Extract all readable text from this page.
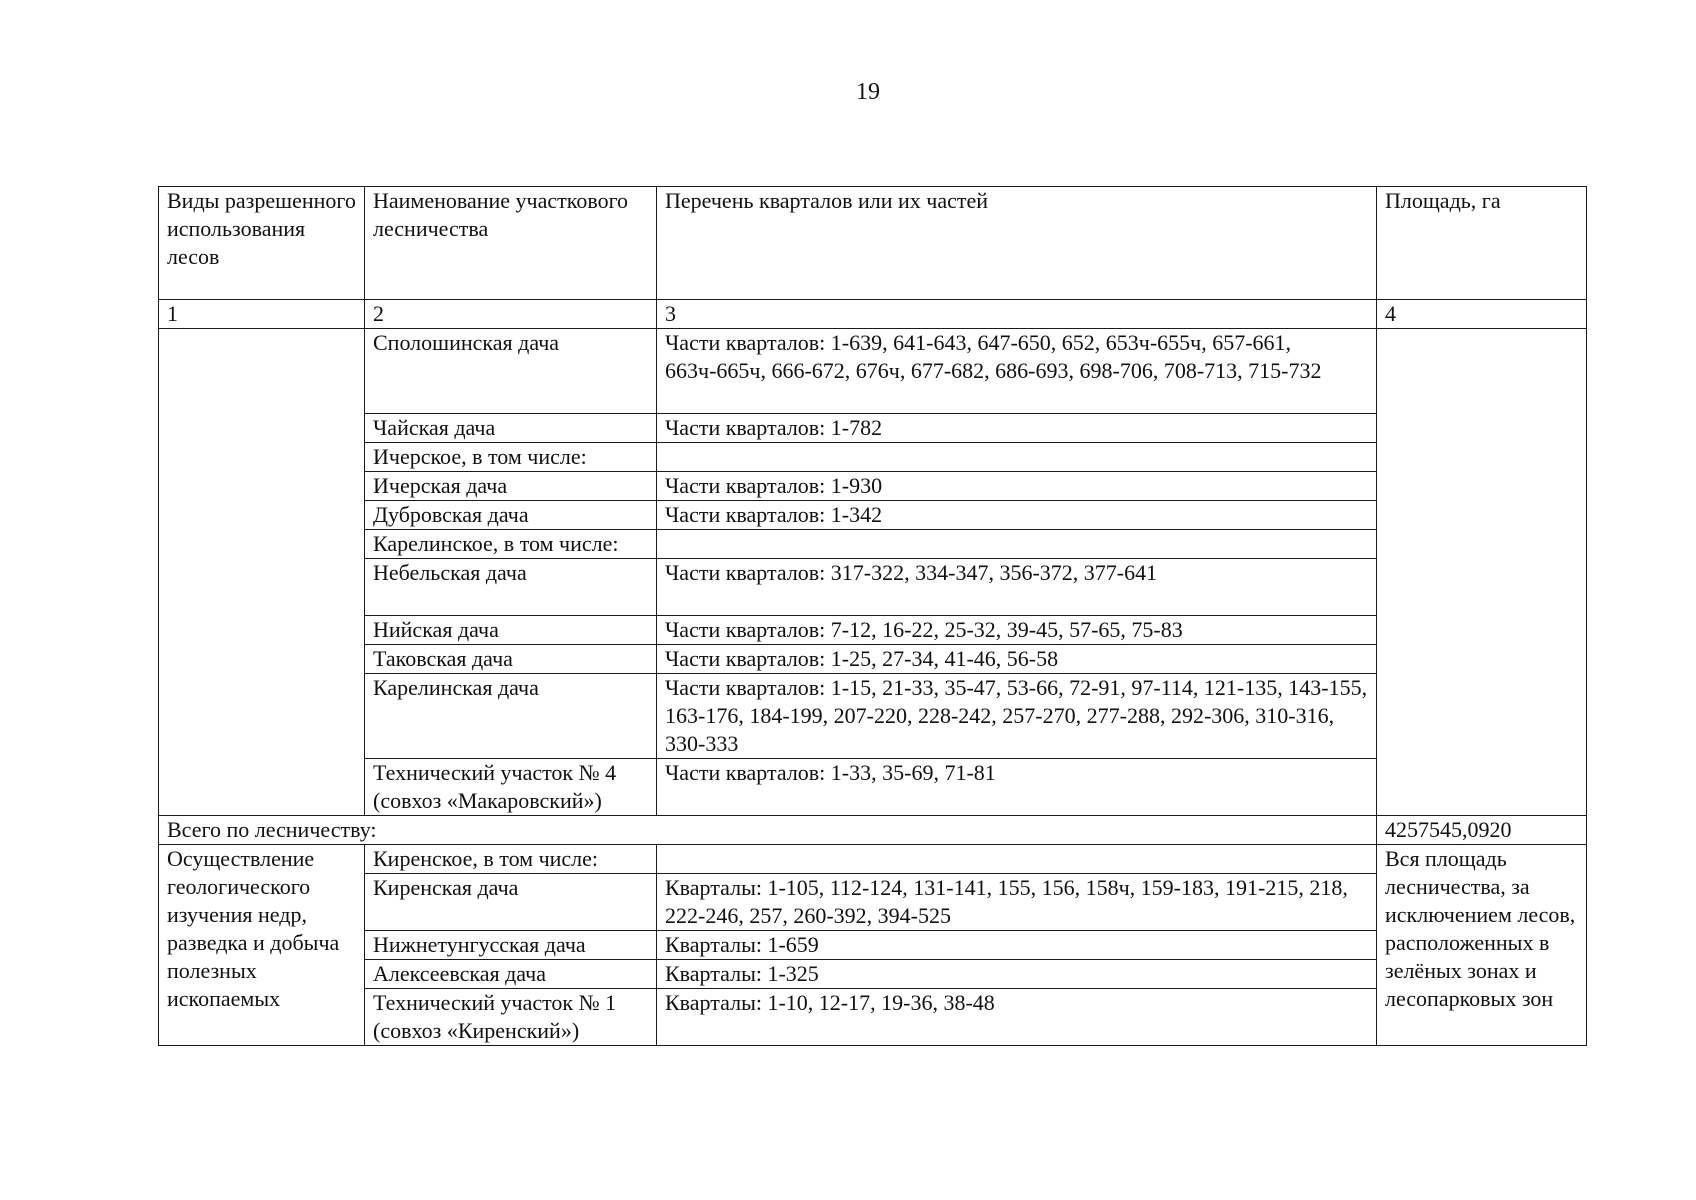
19
Виды разрешенного использования лесов	Наименование участкового лесничества	Перечень кварталов или их частей	Площадь, га
1	2	3	4
	Сполошинская дача	Части кварталов: 1-639, 641-643, 647-650, 652, 653ч-655ч, 657-661, 663ч-665ч, 666-672, 676ч, 677-682, 686-693, 698-706, 708-713, 715-732	
	Чайская дача	Части кварталов: 1-782	
	Ичерское, в том числе:		
	Ичерская дача	Части кварталов: 1-930	
	Дубровская дача	Части кварталов: 1-342	
	Карелинское, в том числе:		
	Небельская дача	Части кварталов: 317-322, 334-347, 356-372, 377-641	
	Нийская дача	Части кварталов: 7-12, 16-22, 25-32, 39-45, 57-65, 75-83	
	Таковская дача	Части кварталов: 1-25, 27-34, 41-46, 56-58	
	Карелинская дача	Части кварталов: 1-15, 21-33, 35-47, 53-66, 72-91, 97-114, 121-135, 143-155, 163-176, 184-199, 207-220, 228-242, 257-270, 277-288, 292-306, 310-316, 330-333	
	Технический участок № 4 (совхоз «Макаровский»)	Части кварталов: 1-33, 35-69, 71-81	
Всего по лесничеству:			4257545,0920
Осуществление геологического изучения недр, разведка и добыча полезных ископаемых	Киренское, в том числе:		Вся площадь лесничества, за исключением лесов, расположенных в зелёных зонах и лесопарковых зон
	Киренская дача	Кварталы: 1-105, 112-124, 131-141, 155, 156, 158ч, 159-183, 191-215, 218, 222-246, 257, 260-392, 394-525	
	Нижнетунгусская дача	Кварталы: 1-659	
	Алексеевская дача	Кварталы: 1-325	
	Технический участок № 1 (совхоз «Киренский»)	Кварталы: 1-10, 12-17, 19-36, 38-48	
